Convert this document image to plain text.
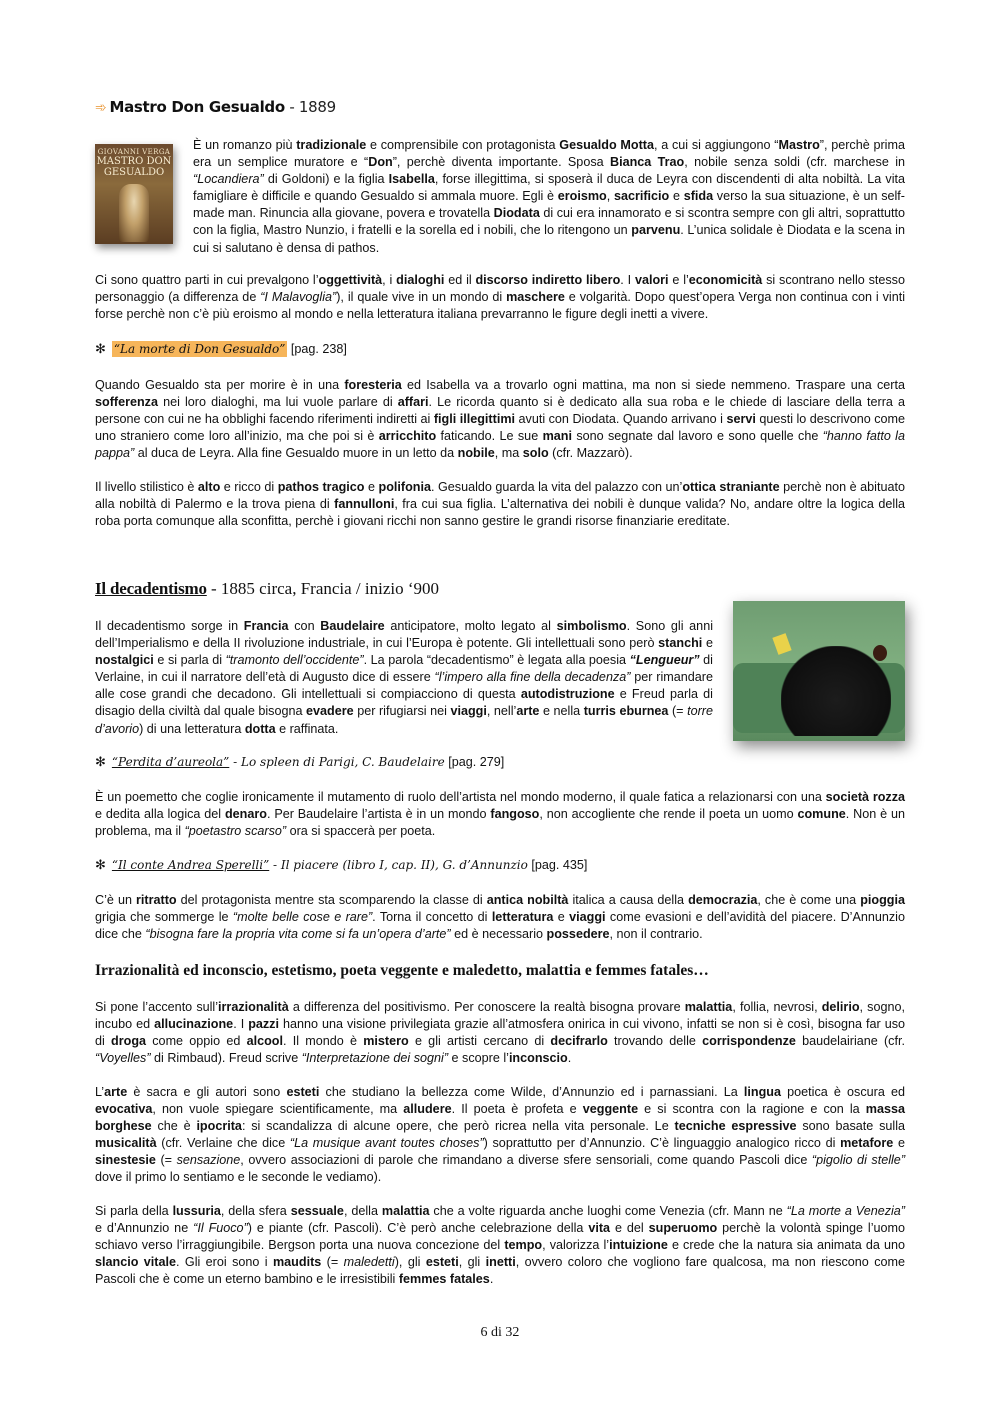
➾ Mastro Don Gesualdo - 1889
GIOVANNI VERGA
MASTRO DON GESUALDO

È un romanzo più tradizionale e comprensibile con protagonista Gesualdo Motta, a cui si aggiungono “Mastro”, perchè prima era un semplice muratore e “Don”, perchè diventa importante. Sposa Bianca Trao, nobile senza soldi (cfr. marchese in “Locandiera” di Goldoni) e la figlia Isabella, forse illegittima, si sposerà il duca de Leyra con discendenti di alta nobiltà. La vita famigliare è difficile e quando Gesualdo si ammala muore. Egli è eroismo, sacrificio e sfida verso la sua situazione, è un self-made man. Rinuncia alla giovane, povera e trovatella Diodata di cui era innamorato e si scontra sempre con gli altri, soprattutto con la figlia, Mastro Nunzio, i fratelli e la sorella ed i nobili, che lo ritengono un parvenu. L’unica solidale è Diodata e la scena in cui si salutano è densa di pathos.

Ci sono quattro parti in cui prevalgono l’oggettività, i dialoghi ed il discorso indiretto libero. I valori e l’economicità si scontrano nello stesso personaggio (a differenza de “I Malavoglia”), il quale vive in un mondo di maschere e volgarità. Dopo quest’opera Verga non continua con i vinti forse perchè non c’è più eroismo al mondo e nella letteratura italiana prevarranno le figure degli inetti a vivere.

✻ “La morte di Don Gesualdo” [pag. 238]

Quando Gesualdo sta per morire è in una foresteria ed Isabella va a trovarlo ogni mattina, ma non si siede nemmeno. Traspare una certa sofferenza nei loro dialoghi, ma lui vuole parlare di affari. Le ricorda quanto si è dedicato alla sua roba e le chiede di lasciare della terra a persone con cui ne ha obblighi facendo riferimenti indiretti ai figli illegittimi avuti con Diodata. Quando arrivano i servi questi lo descrivono come uno straniero come loro all’inizio, ma che poi si è arricchito faticando. Le sue mani sono segnate dal lavoro e sono quelle che “hanno fatto la pappa” al duca de Leyra. Alla fine Gesualdo muore in un letto da nobile, ma solo (cfr. Mazzarò).

Il livello stilistico è alto e ricco di pathos tragico e polifonia. Gesualdo guarda la vita del palazzo con un’ottica straniante perchè non è abituato alla nobiltà di Palermo e la trova piena di fannulloni, fra cui sua figlia. L’alternativa dei nobili è dunque valida? No, andare oltre la logica della roba porta comunque alla sconfitta, perchè i giovani ricchi non sanno gestire le grandi risorse finanziarie ereditate.

Il decadentismo - 1885 circa, Francia / inizio ‘900

Il decadentismo sorge in Francia con Baudelaire anticipatore, molto legato al simbolismo. Sono gli anni dell’Imperialismo e della II rivoluzione industriale, in cui l’Europa è potente. Gli intellettuali sono però stanchi e nostalgici e si parla di “tramonto dell’occidente”. La parola “decadentismo” è legata alla poesia “Lengueur” di Verlaine, in cui il narratore dell’età di Augusto dice di essere “l’impero alla fine della decadenza” per rimandare alle cose grandi che decadono. Gli intellettuali si compiacciono di questa autodistruzione e Freud parla di disagio della civiltà dal quale bisogna evadere per rifugiarsi nei viaggi, nell’arte e nella turris eburnea (= torre d’avorio) di una letteratura dotta e raffinata.

✻ “Perdita d’aureola” - Lo spleen di Parigi, C. Baudelaire [pag. 279]

È un poemetto che coglie ironicamente il mutamento di ruolo dell’artista nel mondo moderno, il quale fatica a relazionarsi con una società rozza e dedita alla logica del denaro. Per Baudelaire l’artista è in un mondo fangoso, non accogliente che rende il poeta un uomo comune. Non è un problema, ma il “poetastro scarso” ora si spaccerà per poeta.

✻ “Il conte Andrea Sperelli” - Il piacere (libro I, cap. II), G. d’Annunzio [pag. 435]

C’è un ritratto del protagonista mentre sta scomparendo la classe di antica nobiltà italica a causa della democrazia, che è come una pioggia grigia che sommerge le “molte belle cose e rare”. Torna il concetto di letteratura e viaggi come evasioni e dell’avidità del piacere. D’Annunzio dice che “bisogna fare la propria vita come si fa un’opera d’arte” ed è necessario possedere, non il contrario.

Irrazionalità ed inconscio, estetismo, poeta veggente e maledetto, malattia e femmes fatales…

Si pone l’accento sull’irrazionalità a differenza del positivismo. Per conoscere la realtà bisogna provare malattia, follia, nevrosi, delirio, sogno, incubo ed allucinazione. I pazzi hanno una visione privilegiata grazie all’atmosfera onirica in cui vivono, infatti se non si è così, bisogna far uso di droga come oppio ed alcool. Il mondo è mistero e gli artisti cercano di decifrarlo trovando delle corrispondenze baudelairiane (cfr. “Voyelles” di Rimbaud). Freud scrive “Interpretazione dei sogni” e scopre l’inconscio.

L’arte è sacra e gli autori sono esteti che studiano la bellezza come Wilde, d’Annunzio ed i parnassiani. La lingua poetica è oscura ed evocativa, non vuole spiegare scientificamente, ma alludere. Il poeta è profeta e veggente e si scontra con la ragione e con la massa borghese che è ipocrita: si scandalizza di alcune opere, che però ricrea nella vita personale. Le tecniche espressive sono basate sulla musicalità (cfr. Verlaine che dice “La musique avant toutes choses”) soprattutto per d’Annunzio. C’è linguaggio analogico ricco di metafore e sinestesie (= sensazione, ovvero associazioni di parole che rimandano a diverse sfere sensoriali, come quando Pascoli dice “pigolio di stelle” dove il primo lo sentiamo e le seconde le vediamo).

Si parla della lussuria, della sfera sessuale, della malattia che a volte riguarda anche luoghi come Venezia (cfr. Mann ne “La morte a Venezia” e d’Annunzio ne “Il Fuoco”) e piante (cfr. Pascoli). C’è però anche celebrazione della vita e del superuomo perchè la volontà spinge l’uomo schiavo verso l’irraggiungibile. Bergson porta una nuova concezione del tempo, valorizza l’intuizione e crede che la natura sia animata da uno slancio vitale. Gli eroi sono i maudits (= maledetti), gli esteti, gli inetti, ovvero coloro che vogliono fare qualcosa, ma non riescono come Pascoli che è come un eterno bambino e le irresistibili femmes fatales.

6 di 32
